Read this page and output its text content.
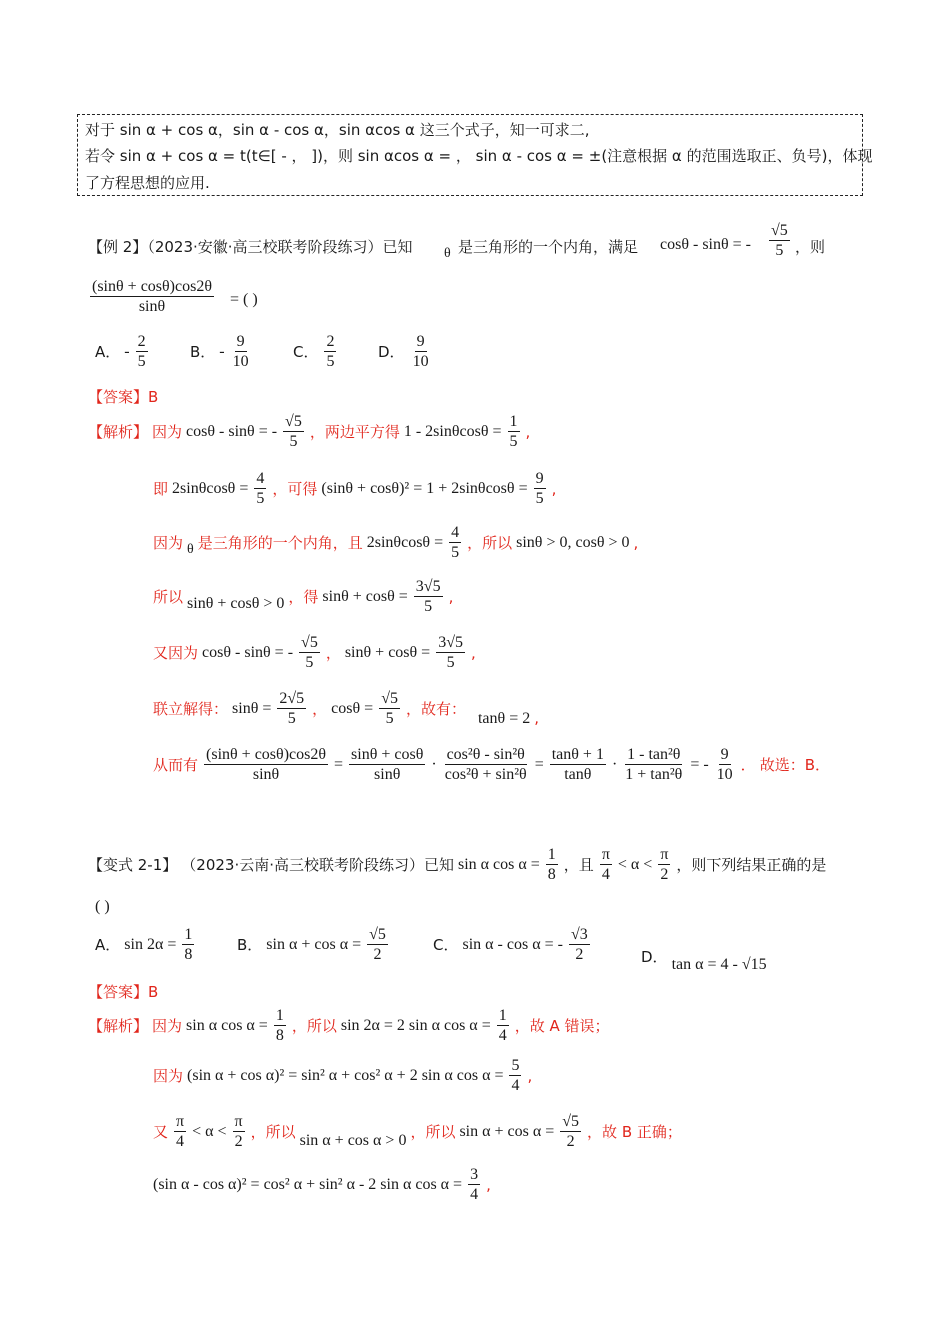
对于 sin α + cos α，sin α - cos α，sin αcos α 这三个式子，知一可求二,
若令 sin α + cos α = t(t∈[ - ， ])，则 sin αcos α = ， sin α - cos α = ±(注意根据 α 的范围选取正、负号)，体现
了方程思想的应用.
【例 2】（2023·安徽·高三校联考阶段练习）已知 θ 是三角形的一个内角，满足 cosθ - sinθ = - $\frac{√5}{5}$ ，则
$\frac{(\sin\theta + \cos\theta)\cos 2\theta}{\sin\theta}$ = ( )
A． - $\frac{2}{5}$	B． - $\frac{9}{10}$	C． $\frac{2}{5}$	D． $\frac{9}{10}$
【答案】B
【解析】 因为 cosθ - sinθ = - $\frac{√5}{5}$ ，两边平方得 $1 - 2\sin\theta\cos\theta = \frac{1}{5}$ ,
即 $2\sin\theta\cos\theta = \frac{4}{5}$ ，可得 $(\sin\theta + \cos\theta)^2 = 1 + 2\sin\theta\cos\theta = \frac{9}{5}$ ,
因为 θ 是三角形的一个内角，且 $2\sin\theta\cos\theta = \frac{4}{5}$ ，所以 sinθ > 0, cosθ > 0 ,
所以 sinθ + cosθ > 0 ，得 $\sin\theta + \cos\theta = \frac{3√5}{5}$ ,
又因为 cosθ - sinθ = - $\frac{√5}{5}$ ， $\sin\theta + \cos\theta = \frac{3√5}{5}$ ,
联立解得： $\sin\theta = \frac{2√5}{5}$ ， $\cos\theta = \frac{√5}{5}$ ，故有： tanθ = 2 ,
从而有 $\frac{(\sin\theta + \cos\theta)\cos 2\theta}{\sin\theta} = \frac{\sin\theta + \cos\theta}{\sin\theta} \cdot \frac{\text{cos²θ - sin²θ}}{\text{cos²θ + sin²θ}} = \frac{\tan\theta + 1}{\tan\theta} \cdot \frac{\text{1 - tan²θ}}{\text{1 + tan²θ}}$ = - $\frac{9}{10}$ ． 故选：B．
【变式 2-1】 （2023·云南·高三校联考阶段练习）已知 sin α $\cos \alpha = \frac{1}{8}$ ，且 $\frac{\pi}{4} < \alpha < \frac{\pi}{2}$ ，则下列结果正确的是
( )
A． $\sin 2\alpha = \frac{1}{8}$	B． $\sin \alpha + \cos \alpha = \frac{√5}{2}$	C． sin α - cos α = - $\frac{√3}{2}$	D． tan α = 4 - √15
【答案】B
【解析】 因为 sin α $\cos \alpha = \frac{1}{8}$ ，所以 sin 2α = 2 sin α $\cos \alpha = \frac{1}{4}$ ，故 A 错误；
因为 (sin α + cos α)² = sin² α + cos² α + 2 sin α $\cos \alpha = \frac{5}{4}$ ,
又 $\frac{\pi}{4} < \alpha < \frac{\pi}{2}$ ，所以 sin α + cos α > 0 ，所以 $\sin \alpha + \cos \alpha = \frac{√5}{2}$ ，故 B 正确；
(sin α - cos α)² = cos² α + sin² α - 2 sin α $\cos \alpha = \frac{3}{4}$ ,
